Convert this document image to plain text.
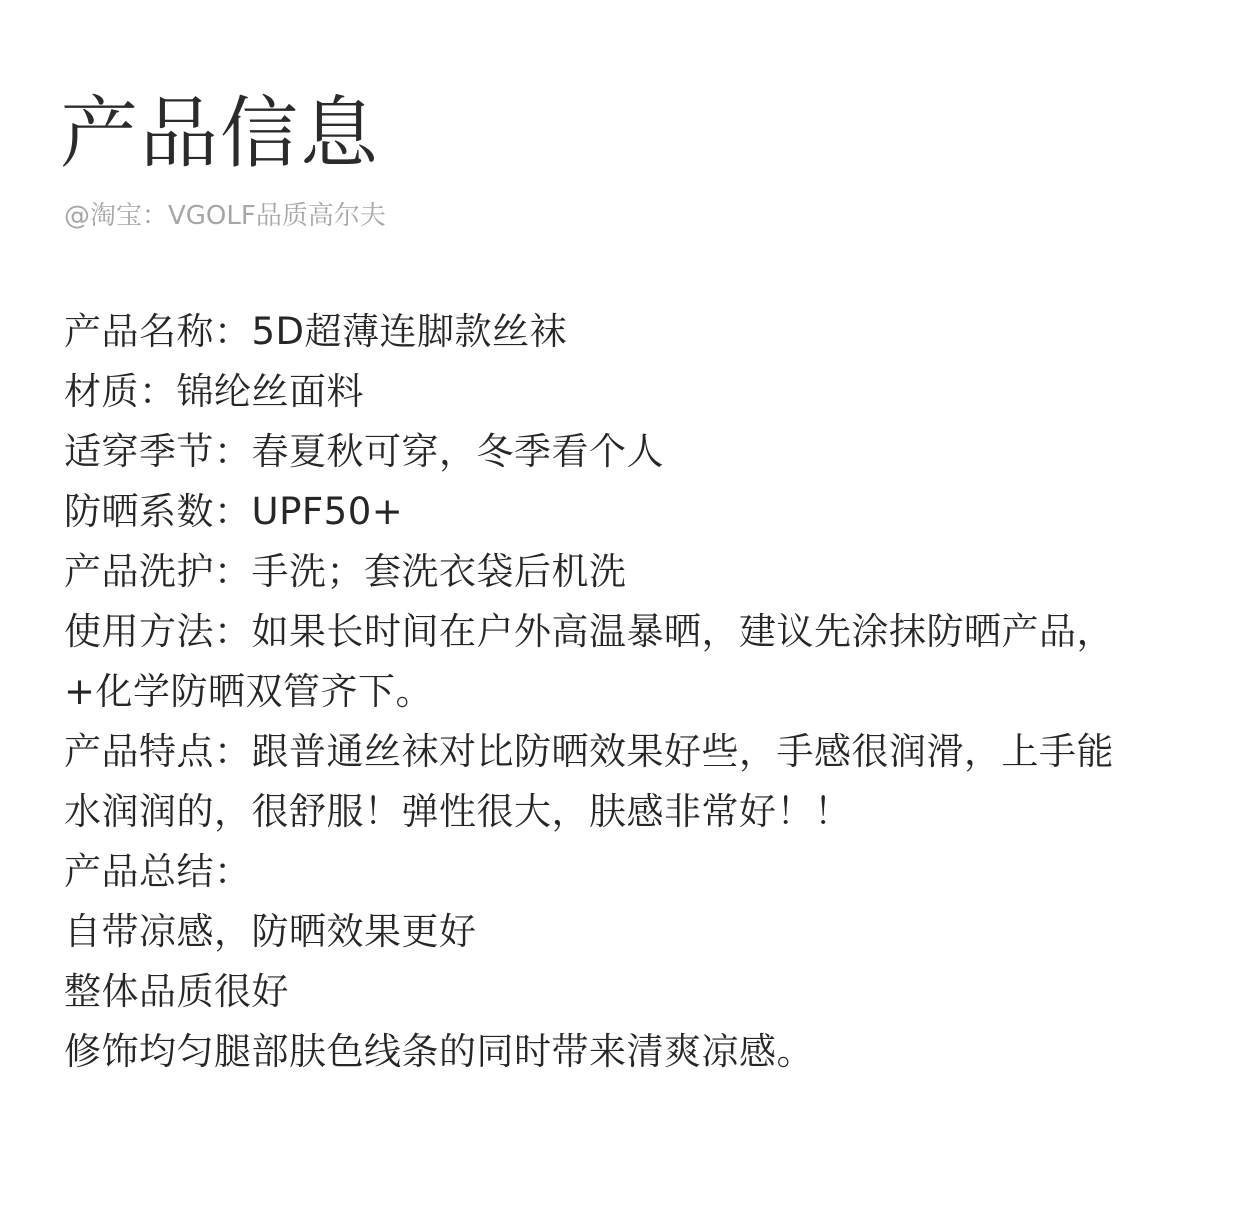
产品信息

@淘宝：VGOLF品质高尔夫

产品名称：5D超薄连脚款丝袜
材质：锦纶丝面料
适穿季节：春夏秋可穿，冬季看个人
防晒系数：UPF50+
产品洗护：手洗；套洗衣袋后机洗
使用方法：如果长时间在户外高温暴晒，建议先涂抹防晒产品，
+化学防晒双管齐下。
产品特点：跟普通丝袜对比防晒效果好些，手感很润滑，上手能
水润润的，很舒服！弹性很大，肤感非常好！！
产品总结：
自带凉感，防晒效果更好
整体品质很好
修饰均匀腿部肤色线条的同时带来清爽凉感。
